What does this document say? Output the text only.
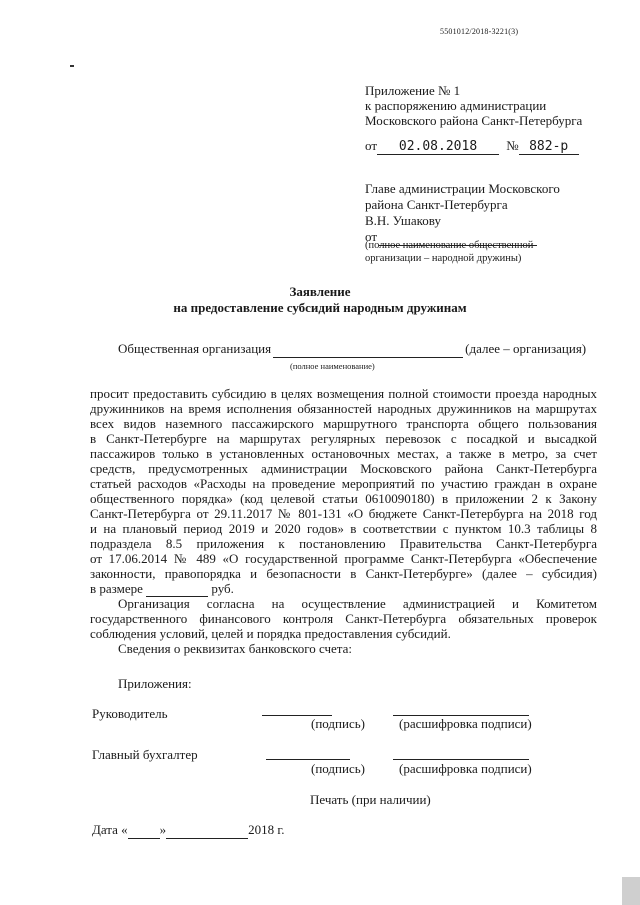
5501012/2018-3221(3)
Приложение № 1
к распоряжению администрации
Московского района Санкт-Петербурга
от 02.08.2018 № 882-р
Главе администрации Московского
района Санкт-Петербурга
В.Н. Ушакову
от
(полное наименование общественной
организации – народной дружины)
Заявление
на предоставление субсидий народным дружинам
Общественная организация	(далее – организация)
(полное наименование)
просит предоставить субсидию в целях возмещения полной стоимости проезда народных
дружинников на время исполнения обязанностей народных дружинников на маршрутах
всех видов наземного пассажирского маршрутного транспорта общего пользования
в Санкт-Петербурге на маршрутах регулярных перевозок с посадкой и высадкой
пассажиров только в установленных остановочных местах, а также в метро, за счет
средств, предусмотренных администрации Московского района Санкт-Петербурга
статьей расходов «Расходы на проведение мероприятий по участию граждан в охране
общественного порядка» (код целевой статьи 0610090180) в приложении 2 к Закону
Санкт-Петербурга от 29.11.2017 № 801-131 «О бюджете Санкт-Петербурга на 2018 год
и на плановый период 2019 и 2020 годов» в соответствии с пунктом 10.3 таблицы 8
подраздела 8.5 приложения к постановлению Правительства Санкт-Петербурга
от 17.06.2014 № 489 «О государственной программе Санкт-Петербурга «Обеспечение
законности, правопорядка и безопасности в Санкт-Петербурге» (далее – субсидия)
в размере	руб.
Организация согласна на осуществление администрацией и Комитетом
государственного финансового контроля Санкт-Петербурга обязательных проверок
соблюдения условий, целей и порядка предоставления субсидий.
Сведения о реквизитах банковского счета:
Приложения:
Руководитель
(подпись)	(расшифровка подписи)
Главный бухгалтер
(подпись)	(расшифровка подписи)
Печать (при наличии)
Дата « »	2018 г.
